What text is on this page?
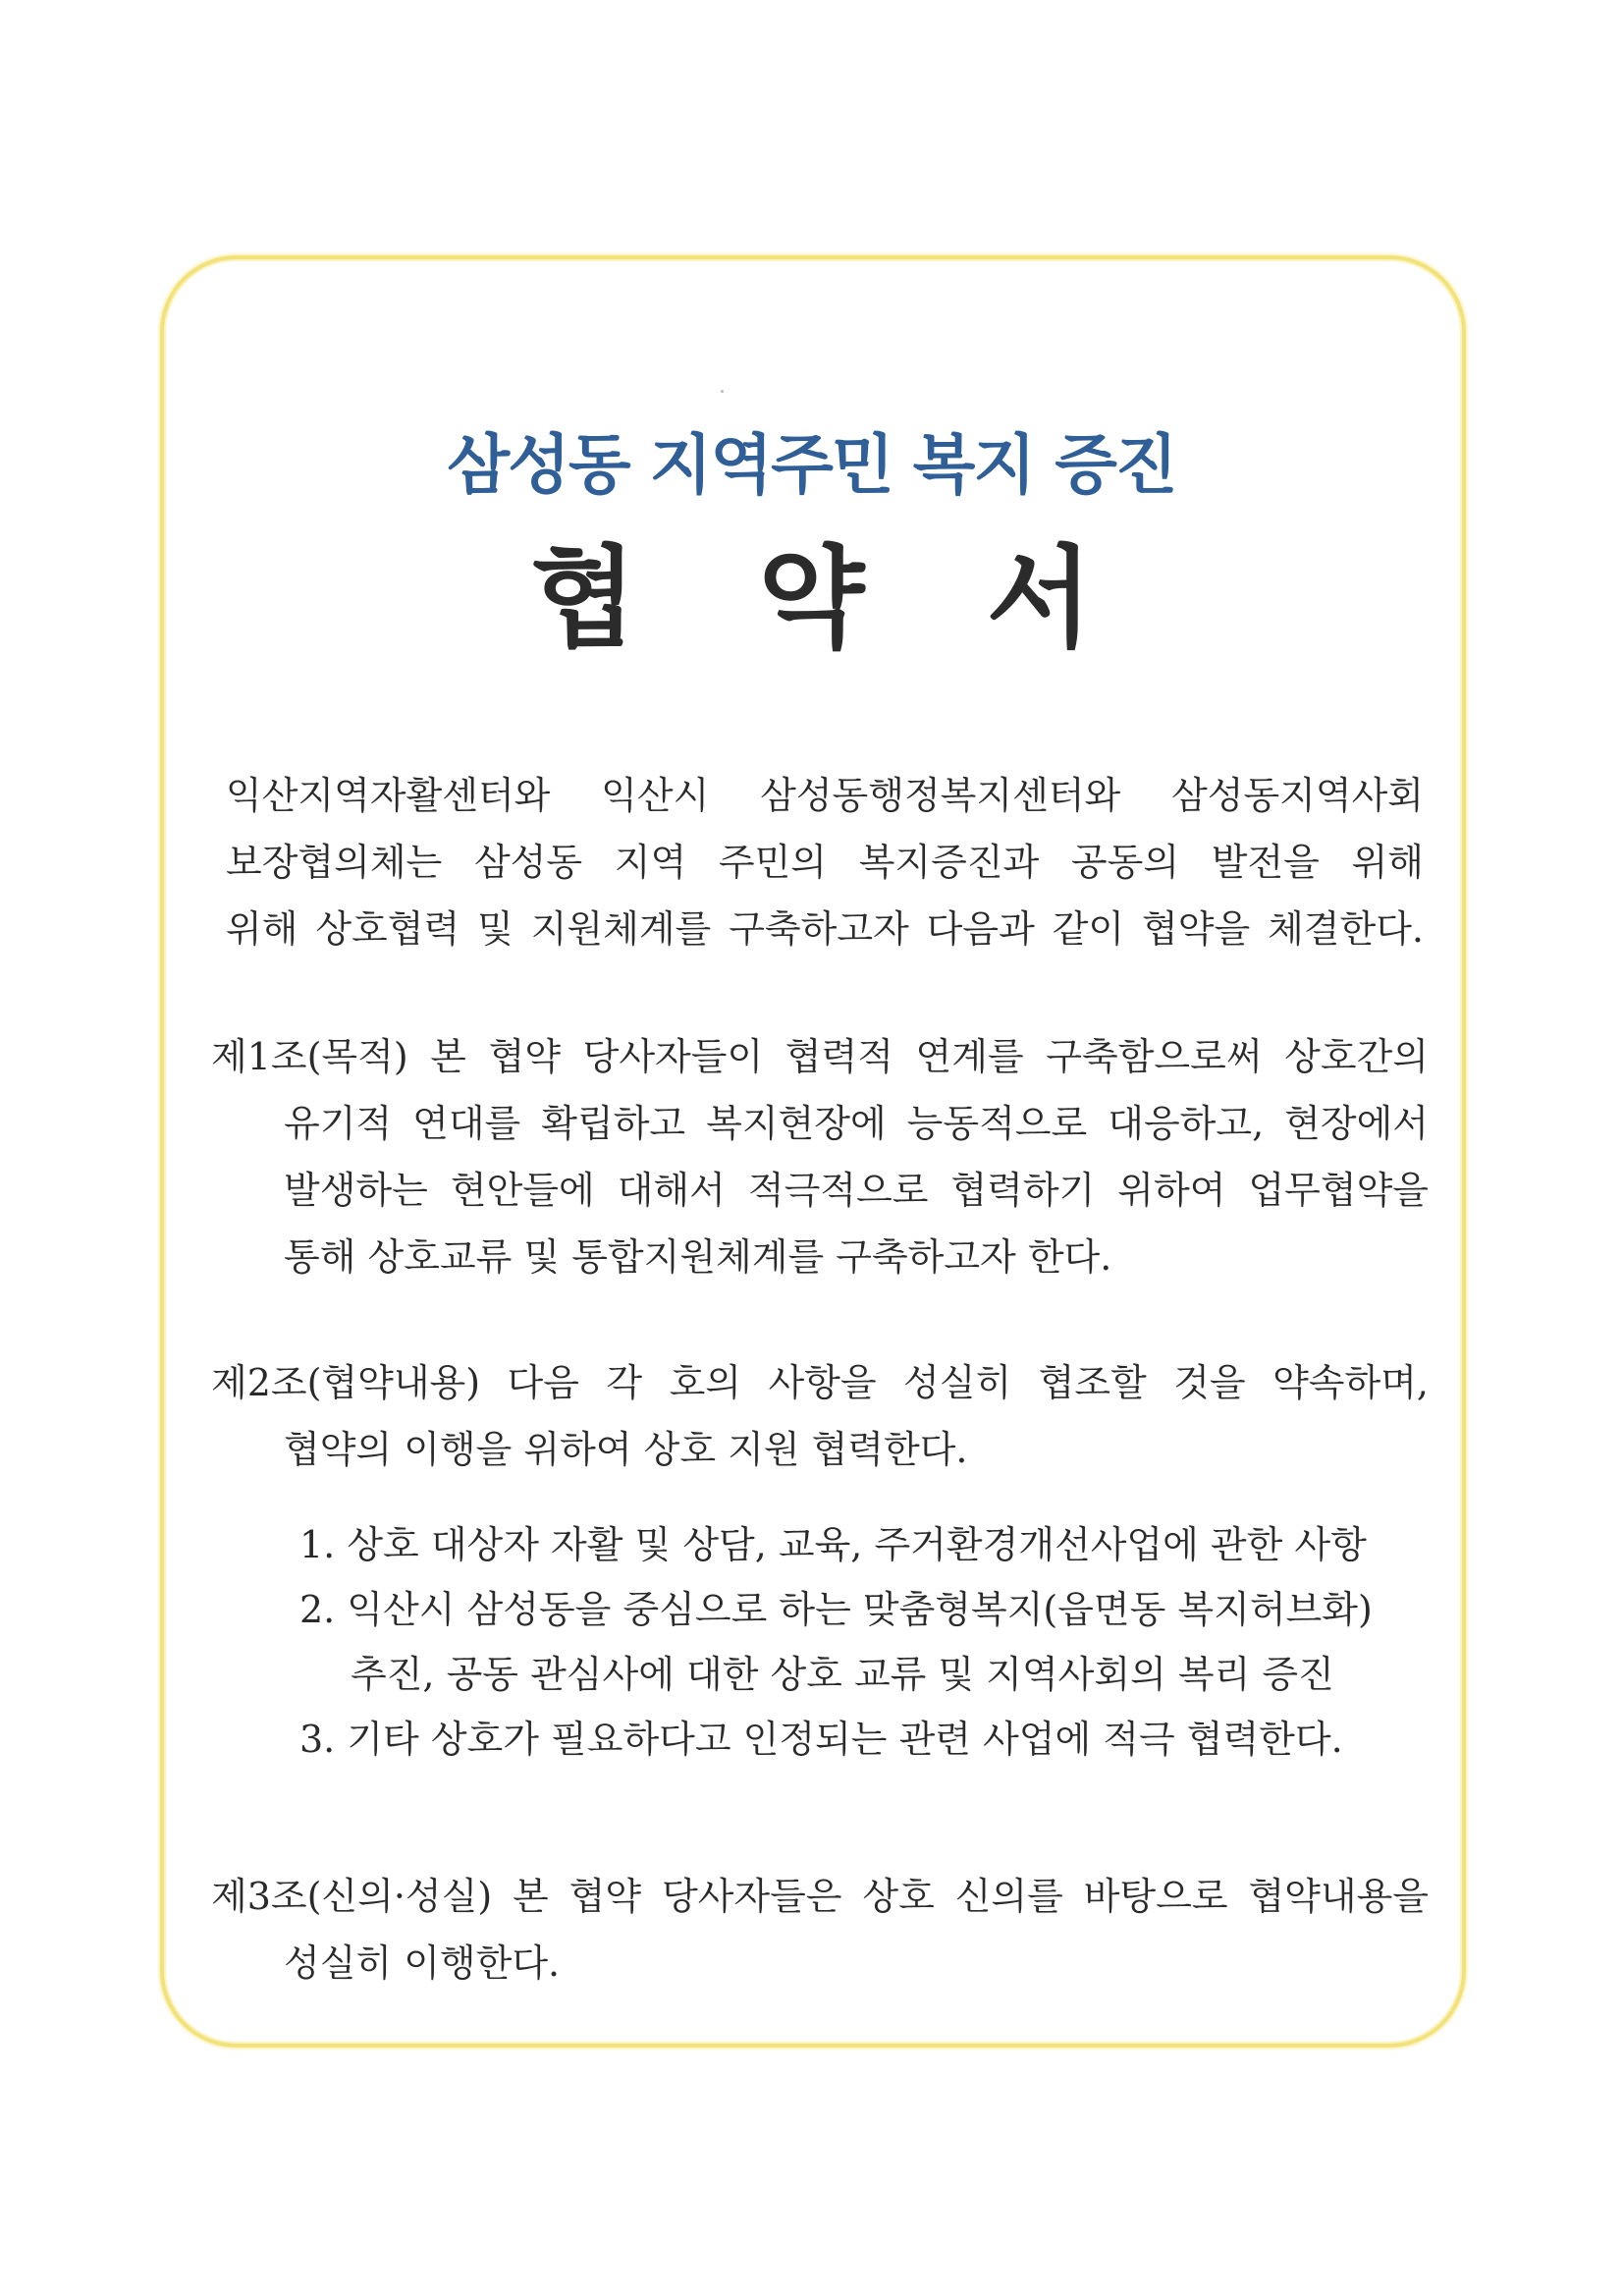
삼성동 지역주민 복지 증진
협 약 서
익산지역자활센터와 익산시 삼성동행정복지센터와 삼성동지역사회
보장협의체는 삼성동 지역 주민의 복지증진과 공동의 발전을 위해
위해 상호협력 및 지원체계를 구축하고자 다음과 같이 협약을 체결한다.
제1조(목적) 본 협약 당사자들이 협력적 연계를 구축함으로써 상호간의
유기적 연대를 확립하고 복지현장에 능동적으로 대응하고, 현장에서
발생하는 현안들에 대해서 적극적으로 협력하기 위하여 업무협약을
통해 상호교류 및 통합지원체계를 구축하고자 한다.
제2조(협약내용) 다음 각 호의 사항을 성실히 협조할 것을 약속하며,
협약의 이행을 위하여 상호 지원 협력한다.
1. 상호 대상자 자활 및 상담, 교육, 주거환경개선사업에 관한 사항
2. 익산시 삼성동을 중심으로 하는 맞춤형복지(읍면동 복지허브화)
추진, 공동 관심사에 대한 상호 교류 및 지역사회의 복리 증진
3. 기타 상호가 필요하다고 인정되는 관련 사업에 적극 협력한다.
제3조(신의·성실) 본 협약 당사자들은 상호 신의를 바탕으로 협약내용을
성실히 이행한다.
